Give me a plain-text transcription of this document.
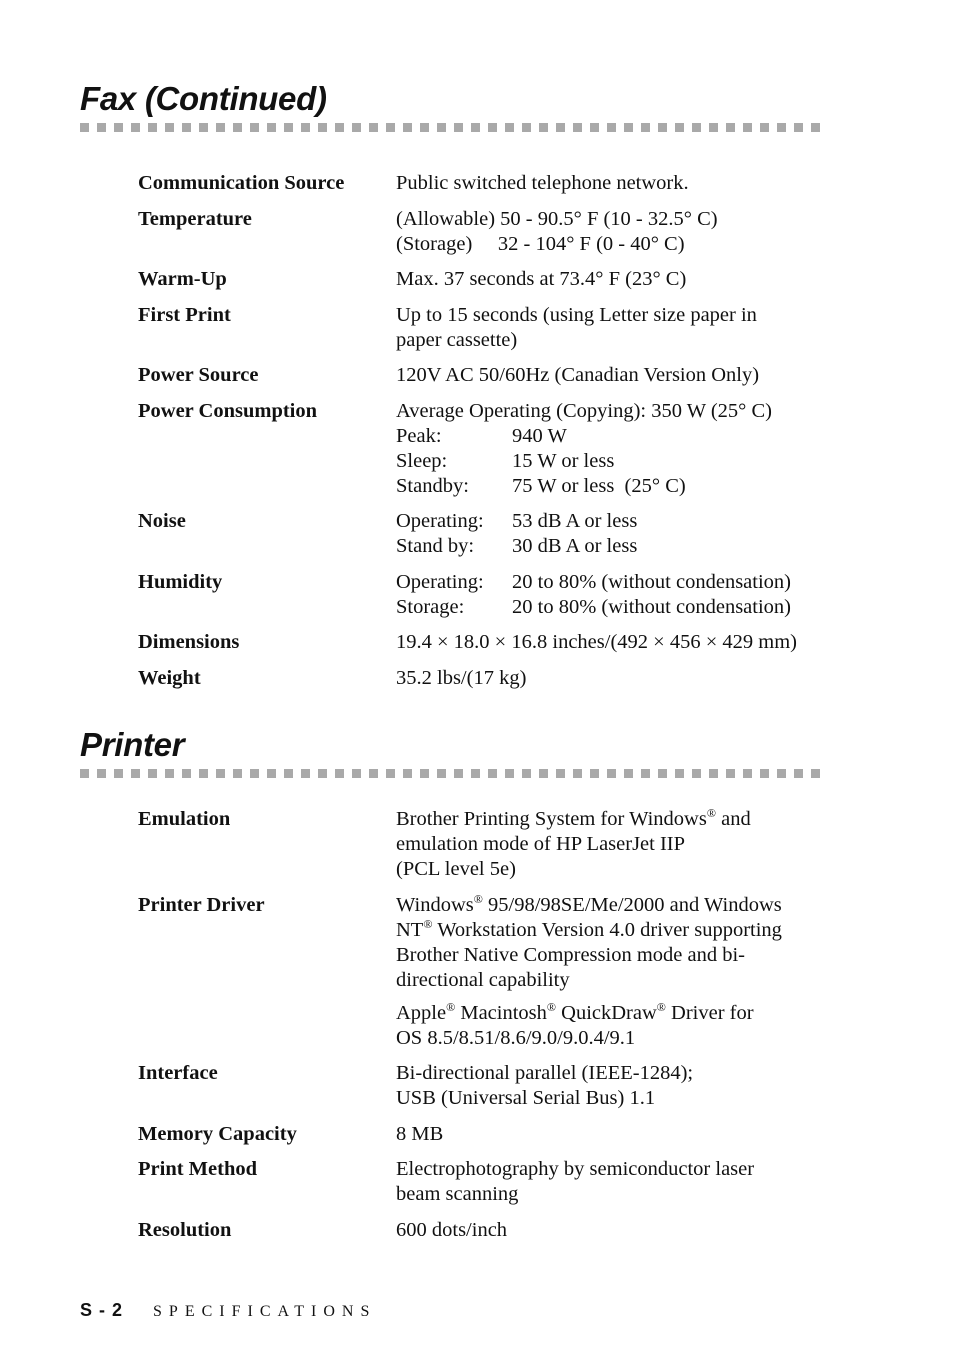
Fax (Continued)
Communication Source	Public switched telephone network.
Temperature	(Allowable) 50 - 90.5° F (10 - 32.5° C)
(Storage)     32 - 104° F (0 - 40° C)
Warm-Up	Max. 37 seconds at 73.4° F (23° C)
First Print	Up to 15 seconds (using Letter size paper in
paper cassette)
Power Source	120V AC 50/60Hz (Canadian Version Only)
Power Consumption	Average Operating (Copying): 350 W (25° C)
Peak:	940 W
Sleep:	15 W or less
Standby:	75 W or less  (25° C)
Noise	Operating:	53 dB A or less
Stand by:	30 dB A or less
Humidity	Operating:	20 to 80% (without condensation)
Storage:	20 to 80% (without condensation)
Dimensions	19.4 × 18.0 × 16.8 inches/(492 × 456 × 429 mm)
Weight	35.2 lbs/(17 kg)
Printer
Emulation	Brother Printing System for Windows® and
emulation mode of HP LaserJet IIP
(PCL level 5e)
Printer Driver	Windows® 95/98/98SE/Me/2000 and Windows
NT® Workstation Version 4.0 driver supporting
Brother Native Compression mode and bi-
directional capability
Apple® Macintosh® QuickDraw® Driver for
OS 8.5/8.51/8.6/9.0/9.0.4/9.1
Interface	Bi-directional parallel (IEEE-1284);
USB (Universal Serial Bus) 1.1
Memory Capacity	8 MB
Print Method	Electrophotography by semiconductor laser
beam scanning
Resolution	600 dots/inch
S - 2 SPECIFICATIONS
